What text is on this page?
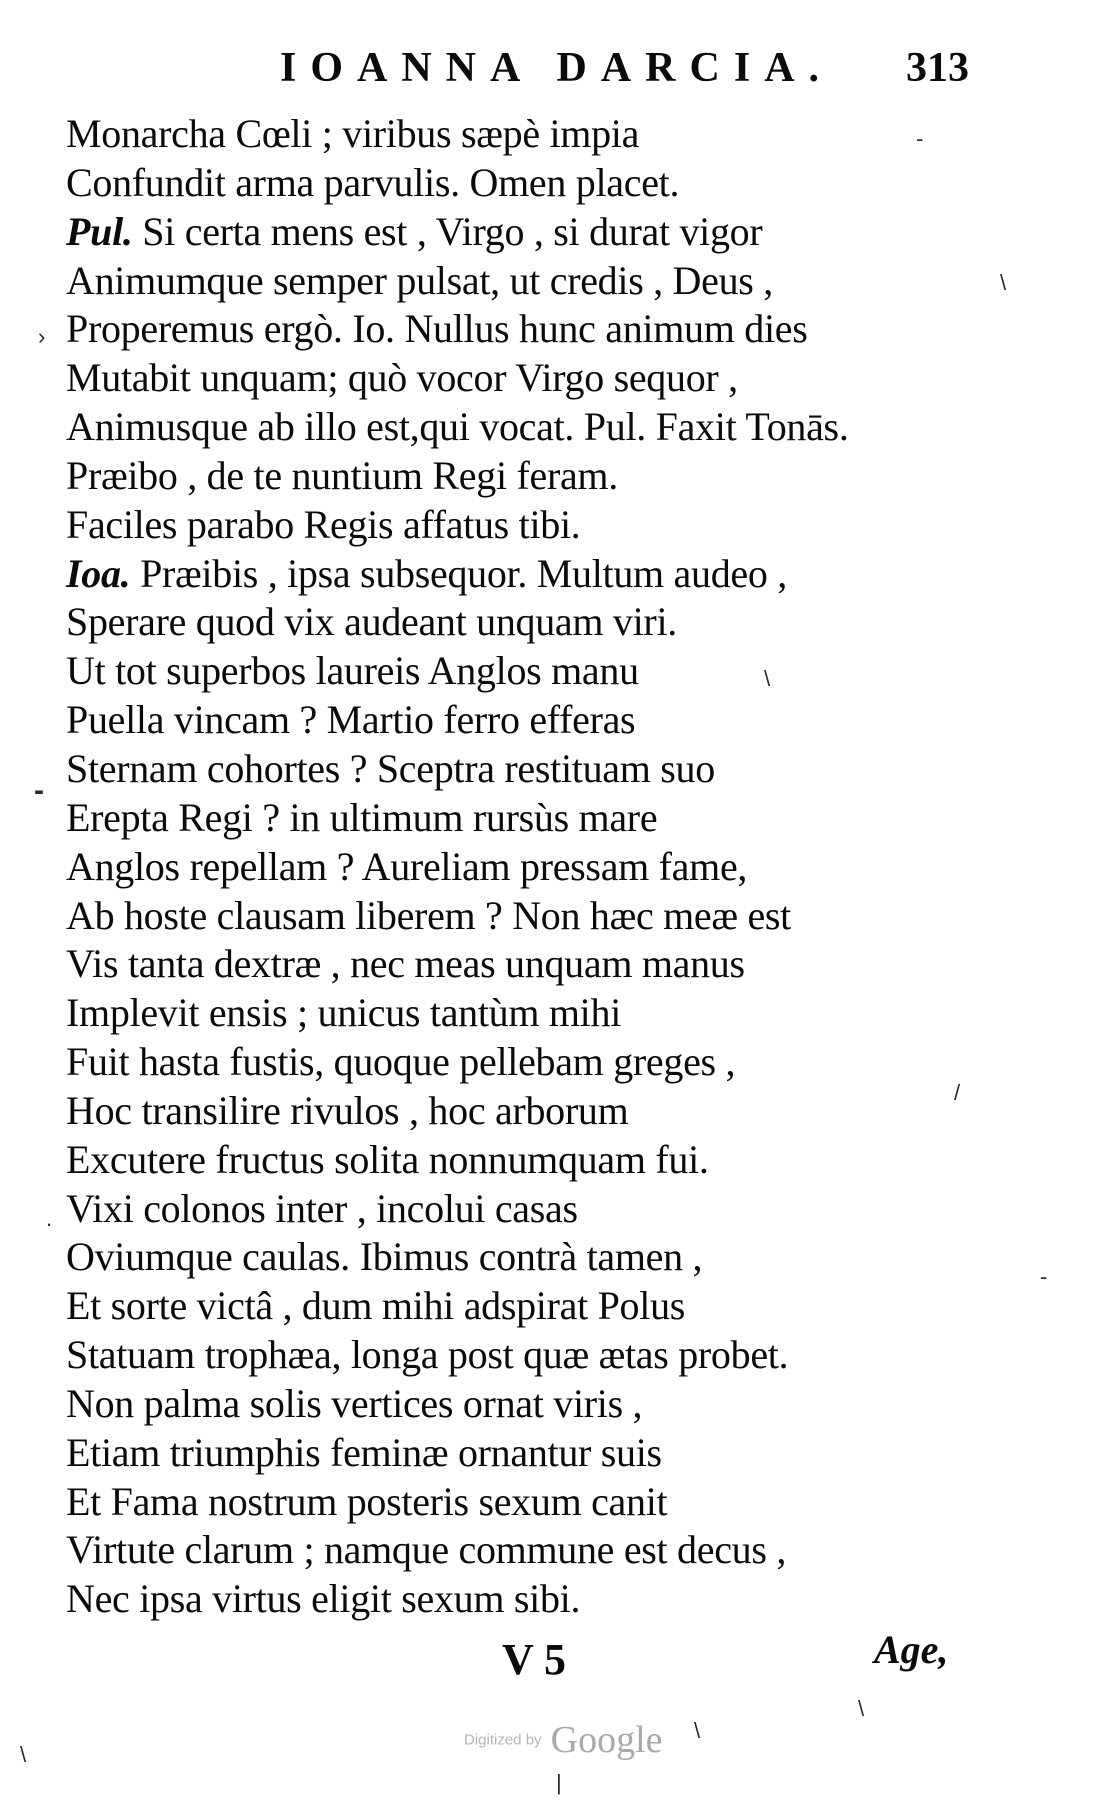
IOANNA DARCIA. 313
Monarcha Cœli ; viribus sæpè impia
Confundit arma parvulis. Omen placet.
Pul. Si certa mens est , Virgo , si durat vigor
Animumque semper pulsat, ut credis , Deus ,
Properemus ergò. Io. Nullus hunc animum dies
Mutabit unquam; quò vocor Virgo sequor ,
Animusque ab illo est,qui vocat. Pul. Faxit Tonās.
Præibo , de te nuntium Regi feram.
Faciles parabo Regis affatus tibi.
Ioa. Præibis , ipsa subsequor. Multum audeo ,
Sperare quod vix audeant unquam viri.
Ut tot superbos laureis Anglos manu
Puella vincam ? Martio ferro efferas
Sternam cohortes ? Sceptra restituam suo
Erepta Regi ? in ultimum rursùs mare
Anglos repellam ? Aureliam pressam fame,
Ab hoste clausam liberem ? Non hæc meæ est
Vis tanta dextræ , nec meas unquam manus
Implevit ensis ; unicus tantùm mihi
Fuit hasta fustis, quoque pellebam greges ,
Hoc transilire rivulos , hoc arborum
Excutere fructus solita nonnumquam fui.
Vixi colonos inter , incolui casas
Oviumque caulas. Ibimus contrà tamen ,
Et sorte victâ , dum mihi adspirat Polus
Statuam trophæa, longa post quæ ætas probet.
Non palma solis vertices ornat viris ,
Etiam triumphis feminæ ornantur suis
Et Fama nostrum posteris sexum canit
Virtute clarum ; namque commune est decus ,
Nec ipsa virtus eligit sexum sibi.
V 5	Age,
Digitized by Google
-
-
\
›
.
-
/
\
\
\
\
|
